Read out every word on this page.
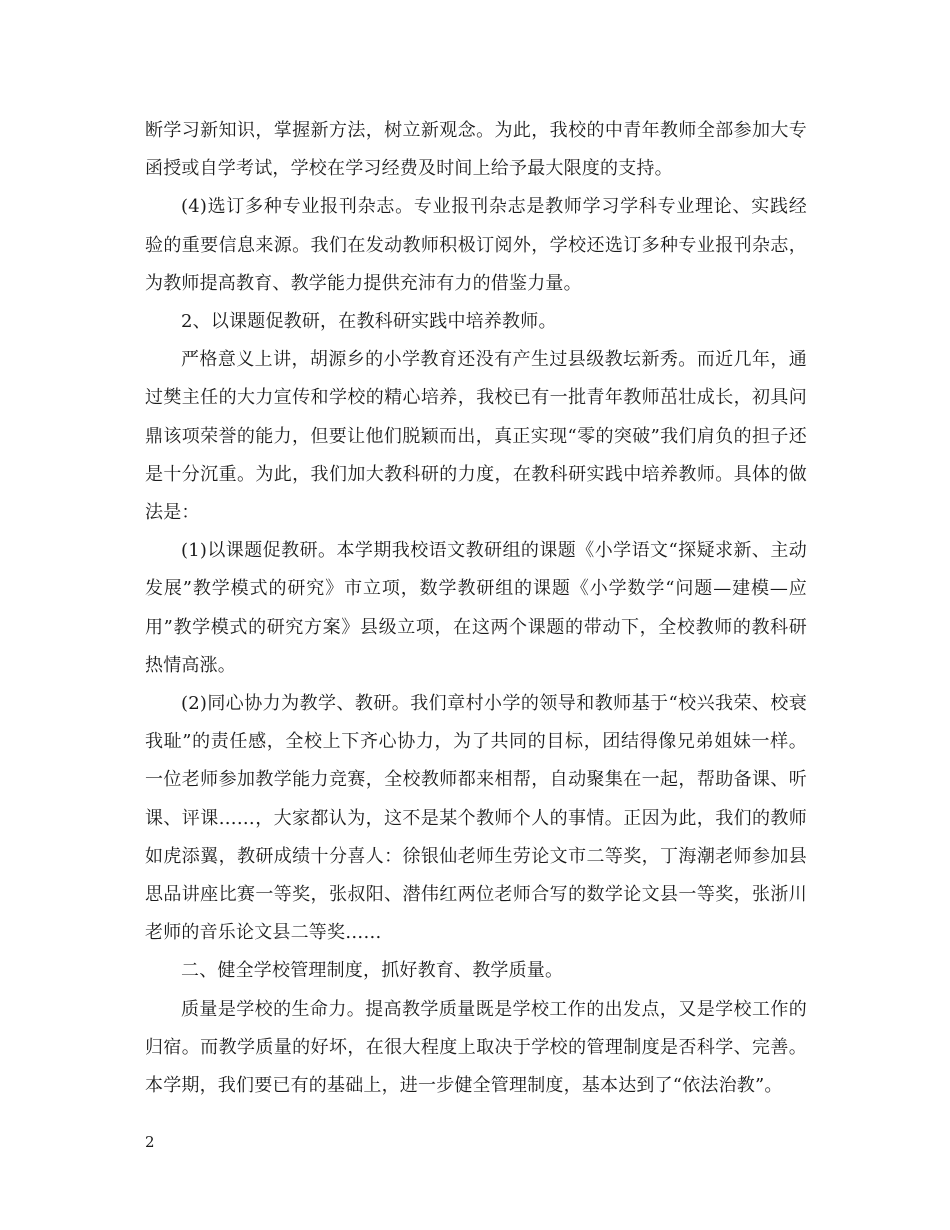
断学习新知识，掌握新方法，树立新观念。为此，我校的中青年教师全部参加大专函授或自学考试，学校在学习经费及时间上给予最大限度的支持。

(4)选订多种专业报刊杂志。专业报刊杂志是教师学习学科专业理论、实践经验的重要信息来源。我们在发动教师积极订阅外，学校还选订多种专业报刊杂志，为教师提高教育、教学能力提供充沛有力的借鉴力量。

2、以课题促教研，在教科研实践中培养教师。

严格意义上讲，胡源乡的小学教育还没有产生过县级教坛新秀。而近几年，通过樊主任的大力宣传和学校的精心培养，我校已有一批青年教师茁壮成长，初具问鼎该项荣誉的能力，但要让他们脱颖而出，真正实现“零的突破”我们肩负的担子还是十分沉重。为此，我们加大教科研的力度，在教科研实践中培养教师。具体的做法是：

(1)以课题促教研。本学期我校语文教研组的课题《小学语文“探疑求新、主动发展”教学模式的研究》市立项，数学教研组的课题《小学数学“问题—建模—应用”教学模式的研究方案》县级立项，在这两个课题的带动下，全校教师的教科研热情高涨。

(2)同心协力为教学、教研。我们章村小学的领导和教师基于“校兴我荣、校衰我耻”的责任感，全校上下齐心协力，为了共同的目标，团结得像兄弟姐妹一样。一位老师参加教学能力竞赛，全校教师都来相帮，自动聚集在一起，帮助备课、听课、评课……，大家都认为，这不是某个教师个人的事情。正因为此，我们的教师如虎添翼，教研成绩十分喜人：徐银仙老师生劳论文市二等奖，丁海潮老师参加县思品讲座比赛一等奖，张叔阳、潜伟红两位老师合写的数学论文县一等奖，张浙川老师的音乐论文县二等奖……

二、健全学校管理制度，抓好教育、教学质量。

质量是学校的生命力。提高教学质量既是学校工作的出发点，又是学校工作的归宿。而教学质量的好坏，在很大程度上取决于学校的管理制度是否科学、完善。本学期，我们要已有的基础上，进一步健全管理制度，基本达到了“依法治教”。

2
